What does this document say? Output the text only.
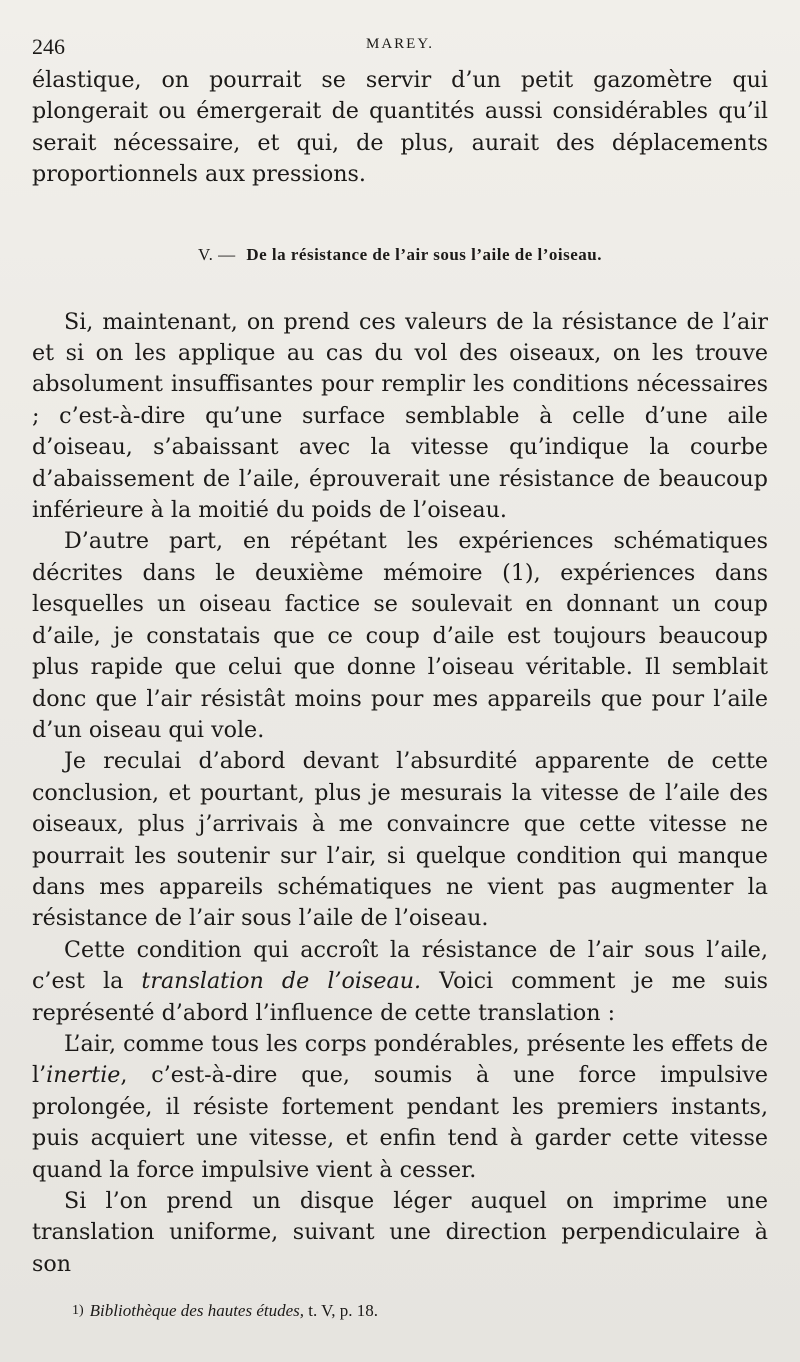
246	MAREY.

élastique, on pourrait se servir d’un petit gazomètre qui plongerait ou émergerait de quantités aussi considérables qu’il serait nécessaire, et qui, de plus, aurait des déplacements proportionnels aux pressions.

V. — De la résistance de l’air sous l’aile de l’oiseau.

Si, maintenant, on prend ces valeurs de la résistance de l’air et si on les applique au cas du vol des oiseaux, on les trouve absolument insuffisantes pour remplir les conditions nécessaires ; c’est-à-dire qu’une surface semblable à celle d’une aile d’oiseau, s’abaissant avec la vitesse qu’indique la courbe d’abaissement de l’aile, éprouverait une résistance de beaucoup inférieure à la moitié du poids de l’oiseau.

D’autre part, en répétant les expériences schématiques décrites dans le deuxième mémoire (1), expériences dans lesquelles un oiseau factice se soulevait en donnant un coup d’aile, je constatais que ce coup d’aile est toujours beaucoup plus rapide que celui que donne l’oiseau véritable. Il semblait donc que l’air résistât moins pour mes appareils que pour l’aile d’un oiseau qui vole.

Je reculai d’abord devant l’absurdité apparente de cette conclusion, et pourtant, plus je mesurais la vitesse de l’aile des oiseaux, plus j’arrivais à me convaincre que cette vitesse ne pourrait les soutenir sur l’air, si quelque condition qui manque dans mes appareils schématiques ne vient pas augmenter la résistance de l’air sous l’aile de l’oiseau.

Cette condition qui accroît la résistance de l’air sous l’aile, c’est la translation de l’oiseau. Voici comment je me suis représenté d’abord l’influence de cette translation :

L’air, comme tous les corps pondérables, présente les effets de l’inertie, c’est-à-dire que, soumis à une force impulsive prolongée, il résiste fortement pendant les premiers instants, puis acquiert une vitesse, et enfin tend à garder cette vitesse quand la force impulsive vient à cesser.

Si l’on prend un disque léger auquel on imprime une translation uniforme, suivant une direction perpendiculaire à son

1) Bibliothèque des hautes études, t. V, p. 18.
